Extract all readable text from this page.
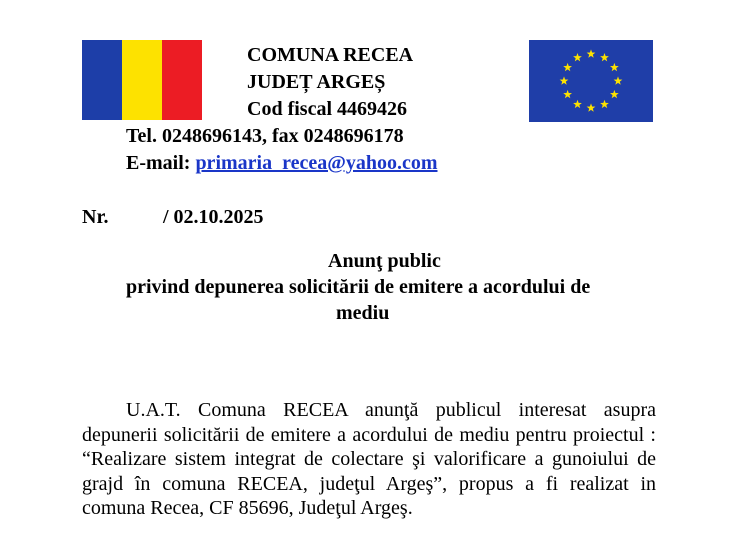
COMUNA RECEA
JUDEȚ ARGEȘ
Cod fiscal 4469426
Tel. 0248696143, fax 0248696178
E-mail: primaria_recea@yahoo.com
Nr.	/ 02.10.2025
Anunţ public
privind depunerea solicitării de emitere a acordului de
mediu
U.A.T. Comuna RECEA anunţă publicul interesat asupra depunerii solicitării de emitere a acordului de mediu pentru proiectul : “Realizare sistem integrat de colectare şi valorificare a gunoiului de grajd în comuna RECEA, judeţul Argeş”, propus a fi realizat in comuna Recea, CF 85696, Judeţul Argeş.
